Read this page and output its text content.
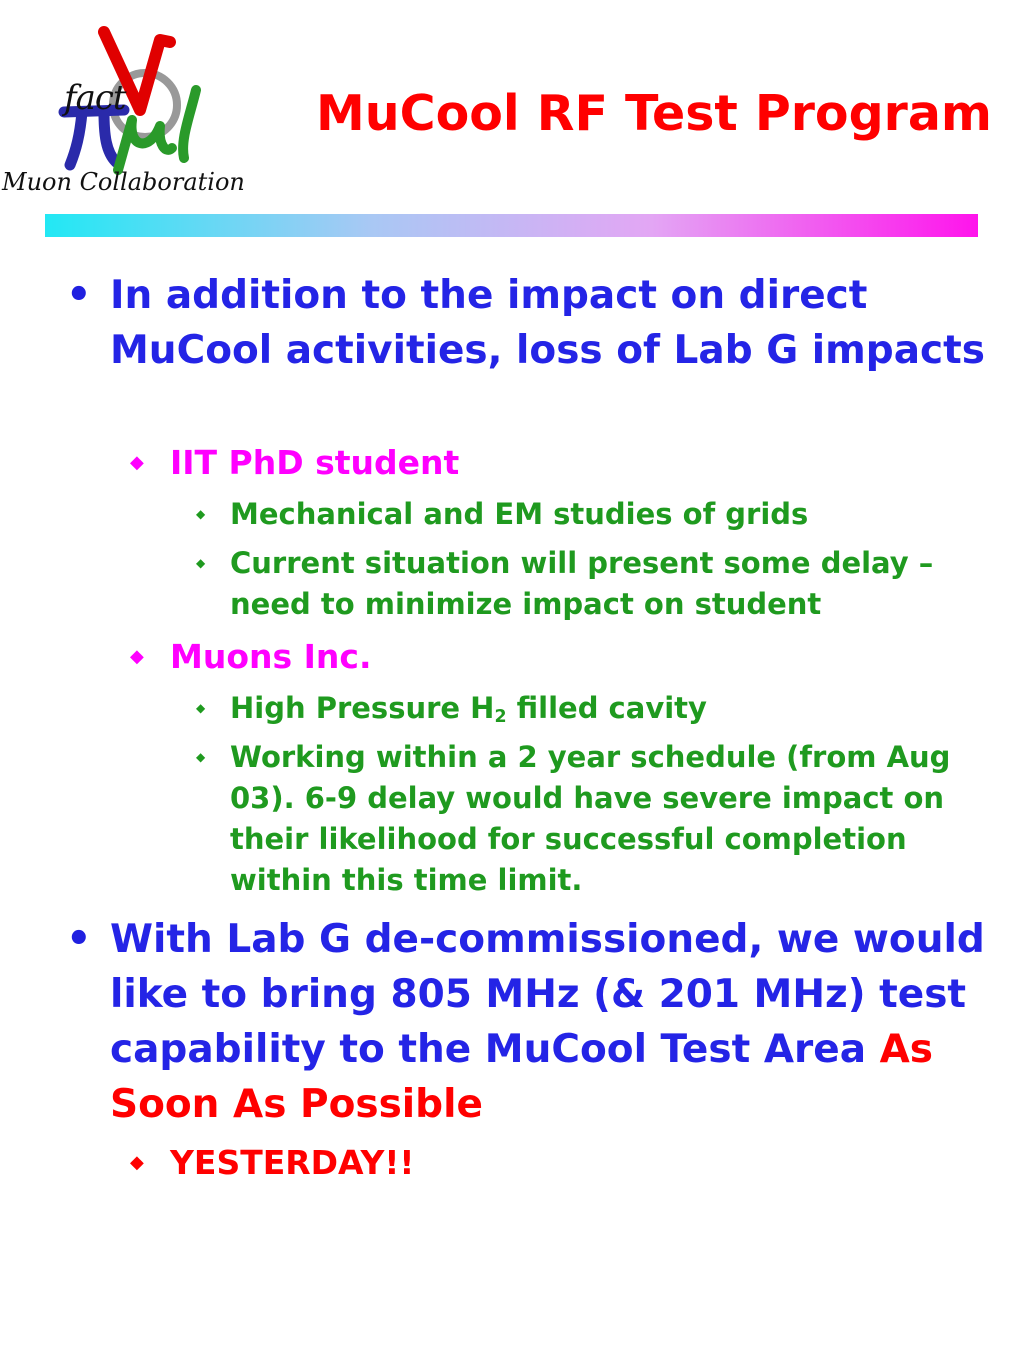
fact
Muon Collaboration
MuCool RF Test Program
• In addition to the impact on direct MuCool activities, loss of Lab G impacts
◆ IIT PhD student
◆ Mechanical and EM studies of grids
◆ Current situation will present some delay – need to minimize impact on student
◆ Muons Inc.
◆ High Pressure $H_2$ filled cavity
◆ Working within a 2 year schedule (from Aug 03). 6-9 delay would have severe impact on their likelihood for successful completion within this time limit.
• With Lab G de-commissioned, we would like to bring 805 MHz (& 201 MHz) test capability to the MuCool Test Area As Soon As Possible
◆ YESTERDAY!!
